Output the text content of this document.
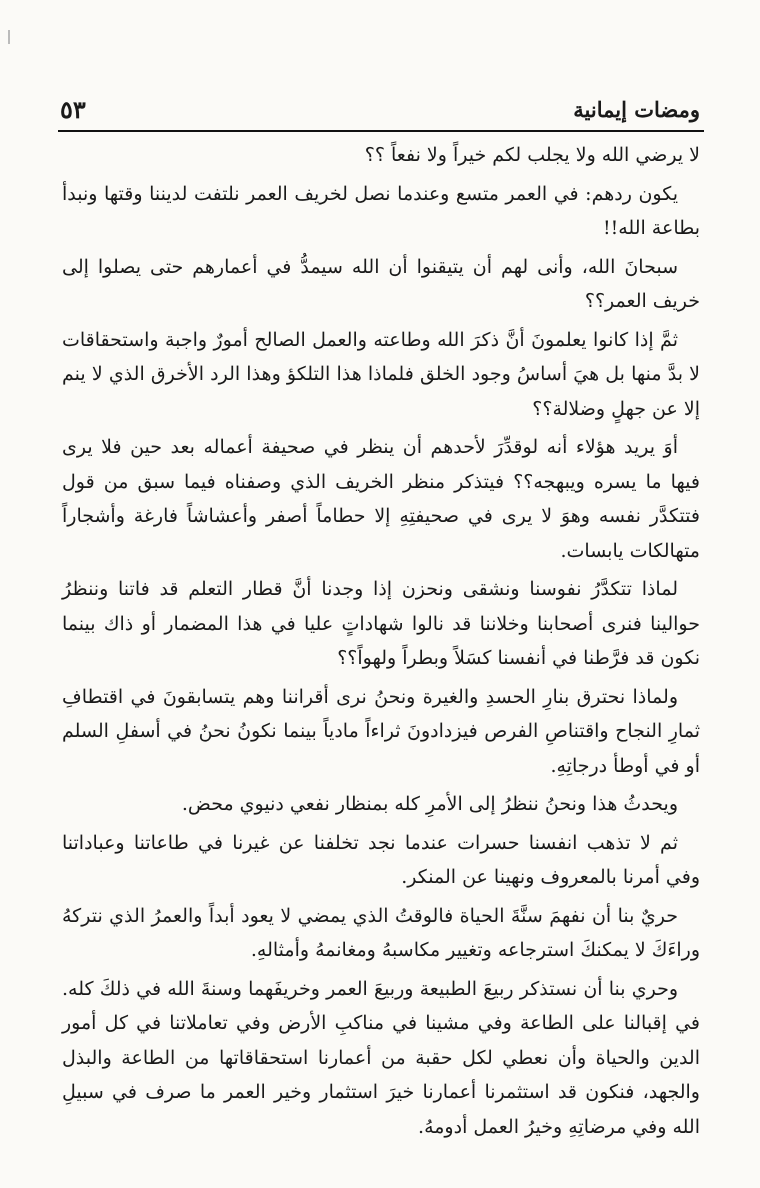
ومضات إيمانية
٥٣

لا يرضي الله ولا يجلب لكم خيراً ولا نفعاً ؟؟

يكون ردهم: في العمر متسع وعندما نصل لخريف العمر نلتفت لديننا وقتها ونبدأ بطاعة الله!!

سبحانَ الله، وأنى لهم أن يتيقنوا أن الله سيمدُّ في أعمارهم حتى يصلوا إلى خريف العمر؟؟

ثمَّ إذا كانوا يعلمونَ أنَّ ذكرَ الله وطاعته والعمل الصالح أمورٌ واجبة واستحقاقات لا بدَّ منها بل هيَ أساسُ وجود الخلق فلماذا هذا التلكؤ وهذا الرد الأخرق الذي لا ينم إلا عن جهلٍ وضلالة؟؟

أوَ يريد هؤلاء أنه لوقدِّرَ لأحدهم أن ينظر في صحيفة أعماله بعد حين فلا يرى فيها ما يسره ويبهجه؟؟ فيتذكر منظر الخريف الذي وصفناه فيما سبق من قول فتتكدَّر نفسه وهوَ لا يرى في صحيفتِهِ إلا حطاماً أصفر وأعشاشاً فارغة وأشجاراً متهالكات يابسات.

لماذا تتكدَّرُ نفوسنا ونشقى ونحزن إذا وجدنا أنَّ قطار التعلم قد فاتنا وننظرُ حوالينا فنرى أصحابنا وخلاننا قد نالوا شهاداتٍ عليا في هذا المضمار أو ذاك بينما نكون قد فرَّطنا في أنفسنا كسَلاً وبطراً ولهواً؟؟

ولماذا نحترق بنارِ الحسدِ والغيرة ونحنُ نرى أقراننا وهم يتسابقونَ في اقتطافِ ثمارِ النجاح واقتناصِ الفرص فيزدادونَ ثراءاً مادياً بينما نكونُ نحنُ في أسفلِ السلم أو في أوطأ درجاتِهِ.

ويحدثُ هذا ونحنُ ننظرُ إلى الأمرِ كله بمنظار نفعي دنيوي محض.

ثم لا تذهب انفسنا حسرات عندما نجد تخلفنا عن غيرنا في طاعاتنا وعباداتنا وفي أمرنا بالمعروف ونهينا عن المنكر.

حريٌ بنا أن نفهمَ سنَّةَ الحياة فالوقتُ الذي يمضي لا يعود أبداً والعمرُ الذي نتركهُ وراءَكَ لا يمكنكَ استرجاعه وتغيير مكاسبهُ ومغانمهُ وأمثالهِ.

وحري بنا أن نستذكر ربيعَ الطبيعة وربيعَ العمر وخريفَهما وسنةَ الله في ذلكَ كله. في إقبالنا على الطاعة وفي مشينا في مناكبِ الأرض وفي تعاملاتنا في كل أمور الدين والحياة وأن نعطي لكل حقبة من أعمارنا استحقاقاتها من الطاعة والبذل والجهد، فنكون قد استثمرنا أعمارنا خيرَ استثمار وخير العمر ما صرف في سبيلِ الله وفي مرضاتِهِ وخيرُ العمل أدومهُ.
